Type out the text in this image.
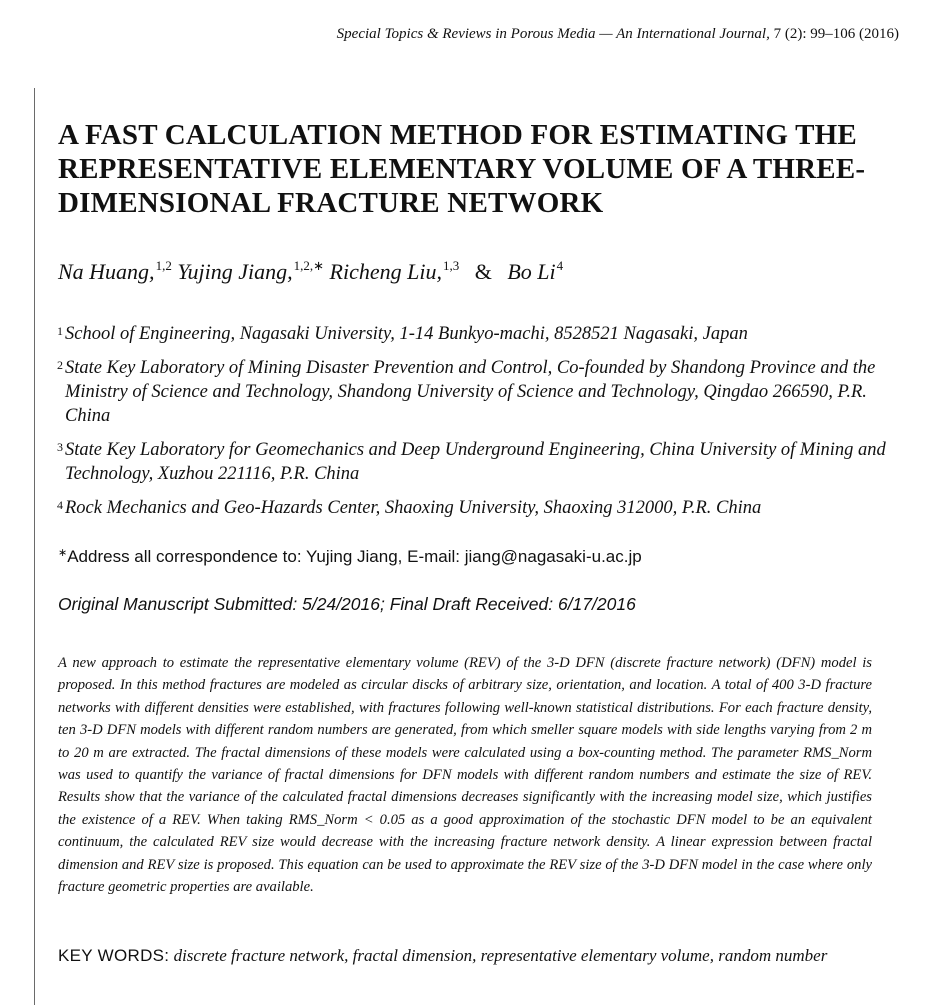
Special Topics & Reviews in Porous Media — An International Journal, 7 (2): 99–106 (2016)
A FAST CALCULATION METHOD FOR ESTIMATING THE REPRESENTATIVE ELEMENTARY VOLUME OF A THREE-DIMENSIONAL FRACTURE NETWORK
Na Huang,$^{1,2}$ Yujing Jiang,$^{1,2,∗}$ Richeng Liu,$^{1,3}$ & Bo Li$^4$
1 School of Engineering, Nagasaki University, 1-14 Bunkyo-machi, 8528521 Nagasaki, Japan
2 State Key Laboratory of Mining Disaster Prevention and Control, Co-founded by Shandong Province and the Ministry of Science and Technology, Shandong University of Science and Technology, Qingdao 266590, P.R. China
3 State Key Laboratory for Geomechanics and Deep Underground Engineering, China University of Mining and Technology, Xuzhou 221116, P.R. China
4 Rock Mechanics and Geo-Hazards Center, Shaoxing University, Shaoxing 312000, P.R. China
∗Address all correspondence to: Yujing Jiang, E-mail: jiang@nagasaki-u.ac.jp
Original Manuscript Submitted: 5/24/2016; Final Draft Received: 6/17/2016

A new approach to estimate the representative elementary volume (REV) of the 3-D DFN (discrete fracture network) (DFN) model is proposed. In this method fractures are modeled as circular discks of arbitrary size, orientation, and location. A total of 400 3-D fracture networks with different densities were established, with fractures following well-known statistical distributions. For each fracture density, ten 3-D DFN models with different random numbers are generated, from which smeller square models with side lengths varying from 2 m to 20 m are extracted. The fractal dimensions of these models were calculated using a box-counting method. The parameter RMS_Norm was used to quantify the variance of fractal dimensions for DFN models with different random numbers and estimate the size of REV. Results show that the variance of the calculated fractal dimensions decreases significantly with the increasing model size, which justifies the existence of a REV. When taking RMS_Norm < 0.05 as a good approximation of the stochastic DFN model to be an equivalent continuum, the calculated REV size would decrease with the increasing fracture network density. A linear expression between fractal dimension and REV size is proposed. This equation can be used to approximate the REV size of the 3-D DFN model in the case where only fracture geometric properties are available.

KEY WORDS: discrete fracture network, fractal dimension, representative elementary volume, random number
